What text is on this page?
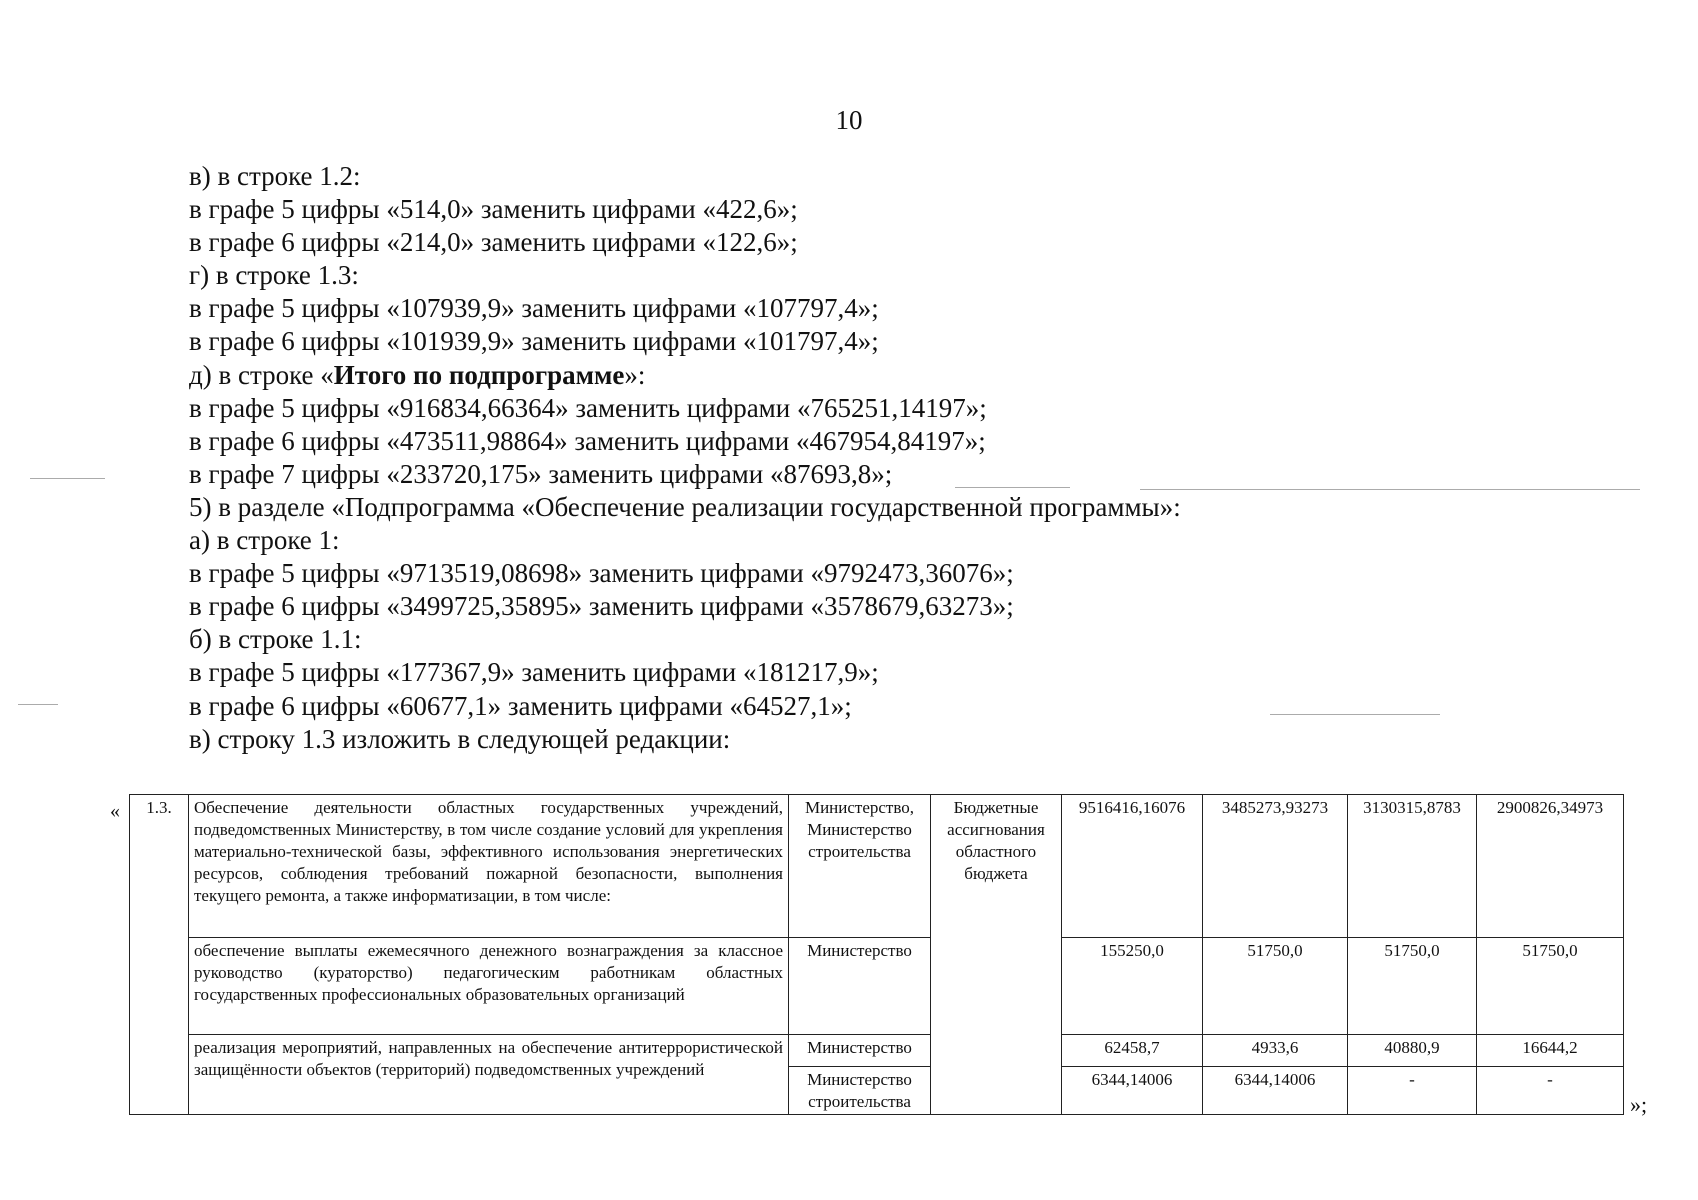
10
в) в строке 1.2:
в графе 5 цифры «514,0» заменить цифрами «422,6»;
в графе 6 цифры «214,0» заменить цифрами «122,6»;
г) в строке 1.3:
в графе 5 цифры «107939,9» заменить цифрами «107797,4»;
в графе 6 цифры «101939,9» заменить цифрами «101797,4»;
д) в строке «Итого по подпрограмме»:
в графе 5 цифры «916834,66364» заменить цифрами «765251,14197»;
в графе 6 цифры «473511,98864» заменить цифрами «467954,84197»;
в графе 7 цифры «233720,175» заменить цифрами «87693,8»;
5) в разделе «Подпрограмма «Обеспечение реализации государственной программы»:
а) в строке 1:
в графе 5 цифры «9713519,08698» заменить цифрами «9792473,36076»;
в графе 6 цифры «3499725,35895» заменить цифрами «3578679,63273»;
б) в строке 1.1:
в графе 5 цифры «177367,9» заменить цифрами «181217,9»;
в графе 6 цифры «60677,1» заменить цифрами «64527,1»;
в) строку 1.3 изложить в следующей редакции:
« 1.3.	Обеспечение деятельности областных государственных учреждений, подведомственных Министерству, в том числе создание условий для укрепления материально-технической базы, эффективного использования энергетических ресурсов, соблюдения требований пожарной безопасности, выполнения текущего ремонта, а также информатизации, в том числе:	Министерство, Министерство строительства	Бюджетные ассигнования областного бюджета	9516416,16076	3485273,93273	3130315,8783	2900826,34973
	обеспечение выплаты ежемесячного денежного вознаграждения за классное руководство (кураторство) педагогическим работникам областных государственных профессиональных образовательных организаций	Министерство		155250,0	51750,0	51750,0	51750,0
	реализация мероприятий, направленных на обеспечение антитеррористической защищённости объектов (территорий) подведомственных учреждений	Министерство		62458,7	4933,6	40880,9	16644,2
		Министерство строительства		6344,14006	6344,14006	-	-
»;
